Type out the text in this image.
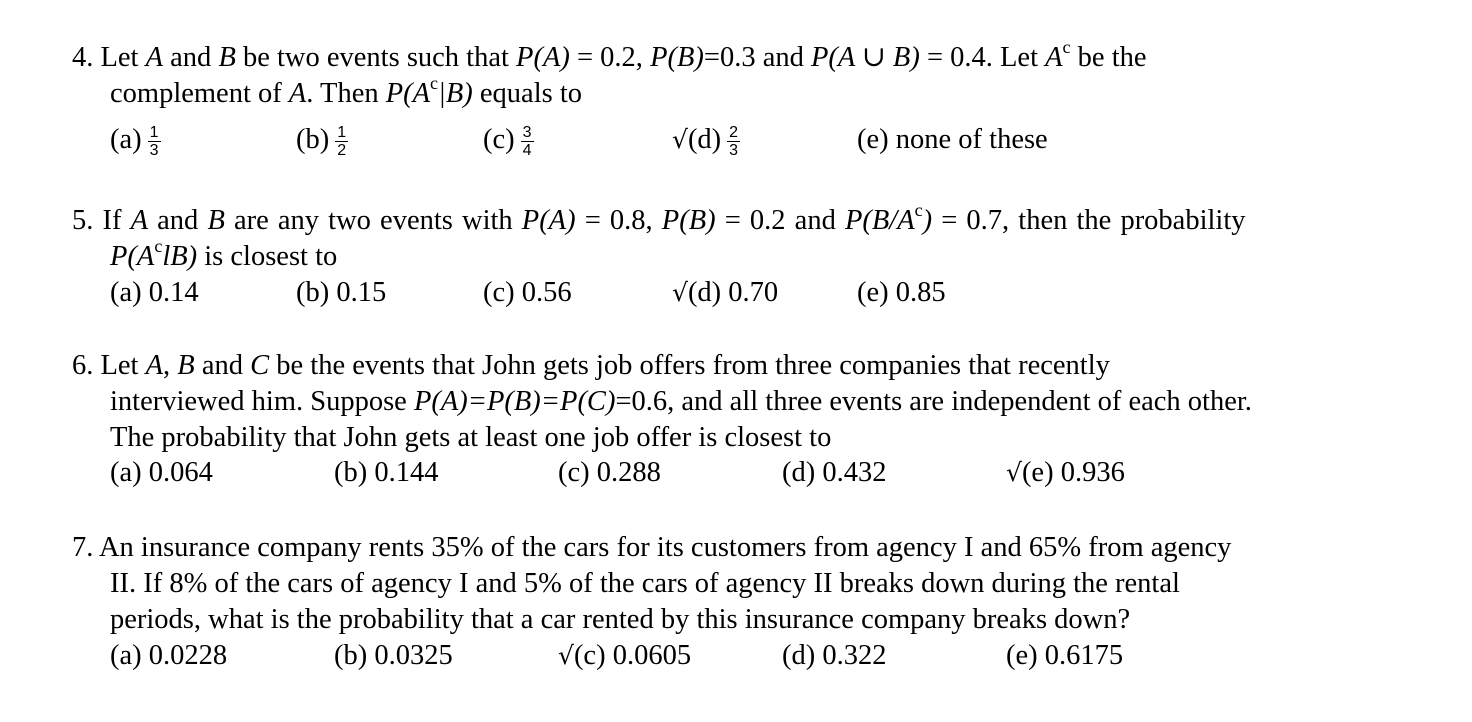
4. Let A and B be two events such that P(A) = 0.2, P(B)=0.3 and P(A ∪ B) = 0.4. Let $A^c$ be the
complement of A. Then $P(A^c|B)$ equals to
$(a) \frac{1}{3}$	$(b) \frac{1}{2}$	$(c) \frac{3}{4}$	$√(d) \frac{2}{3}$	(e) none of these
5. If A and B are any two events with P(A) = 0.8, P(B) = 0.2 and $P(B/A^c) = 0.7$, then the probability
$P(A^clB)$ is closest to
(a) 0.14	(b) 0.15	(c) 0.56	√(d) 0.70	(e) 0.85
6. Let A, B and C be the events that John gets job offers from three companies that recently
interviewed him. Suppose P(A)=P(B)=P(C)=0.6, and all three events are independent of each other.
The probability that John gets at least one job offer is closest to
(a) 0.064	(b) 0.144	(c) 0.288	(d) 0.432	√(e) 0.936
7. An insurance company rents 35% of the cars for its customers from agency I and 65% from agency
II. If 8% of the cars of agency I and 5% of the cars of agency II breaks down during the rental
periods, what is the probability that a car rented by this insurance company breaks down?
(a) 0.0228	(b) 0.0325	√(c) 0.0605	(d) 0.322	(e) 0.6175
